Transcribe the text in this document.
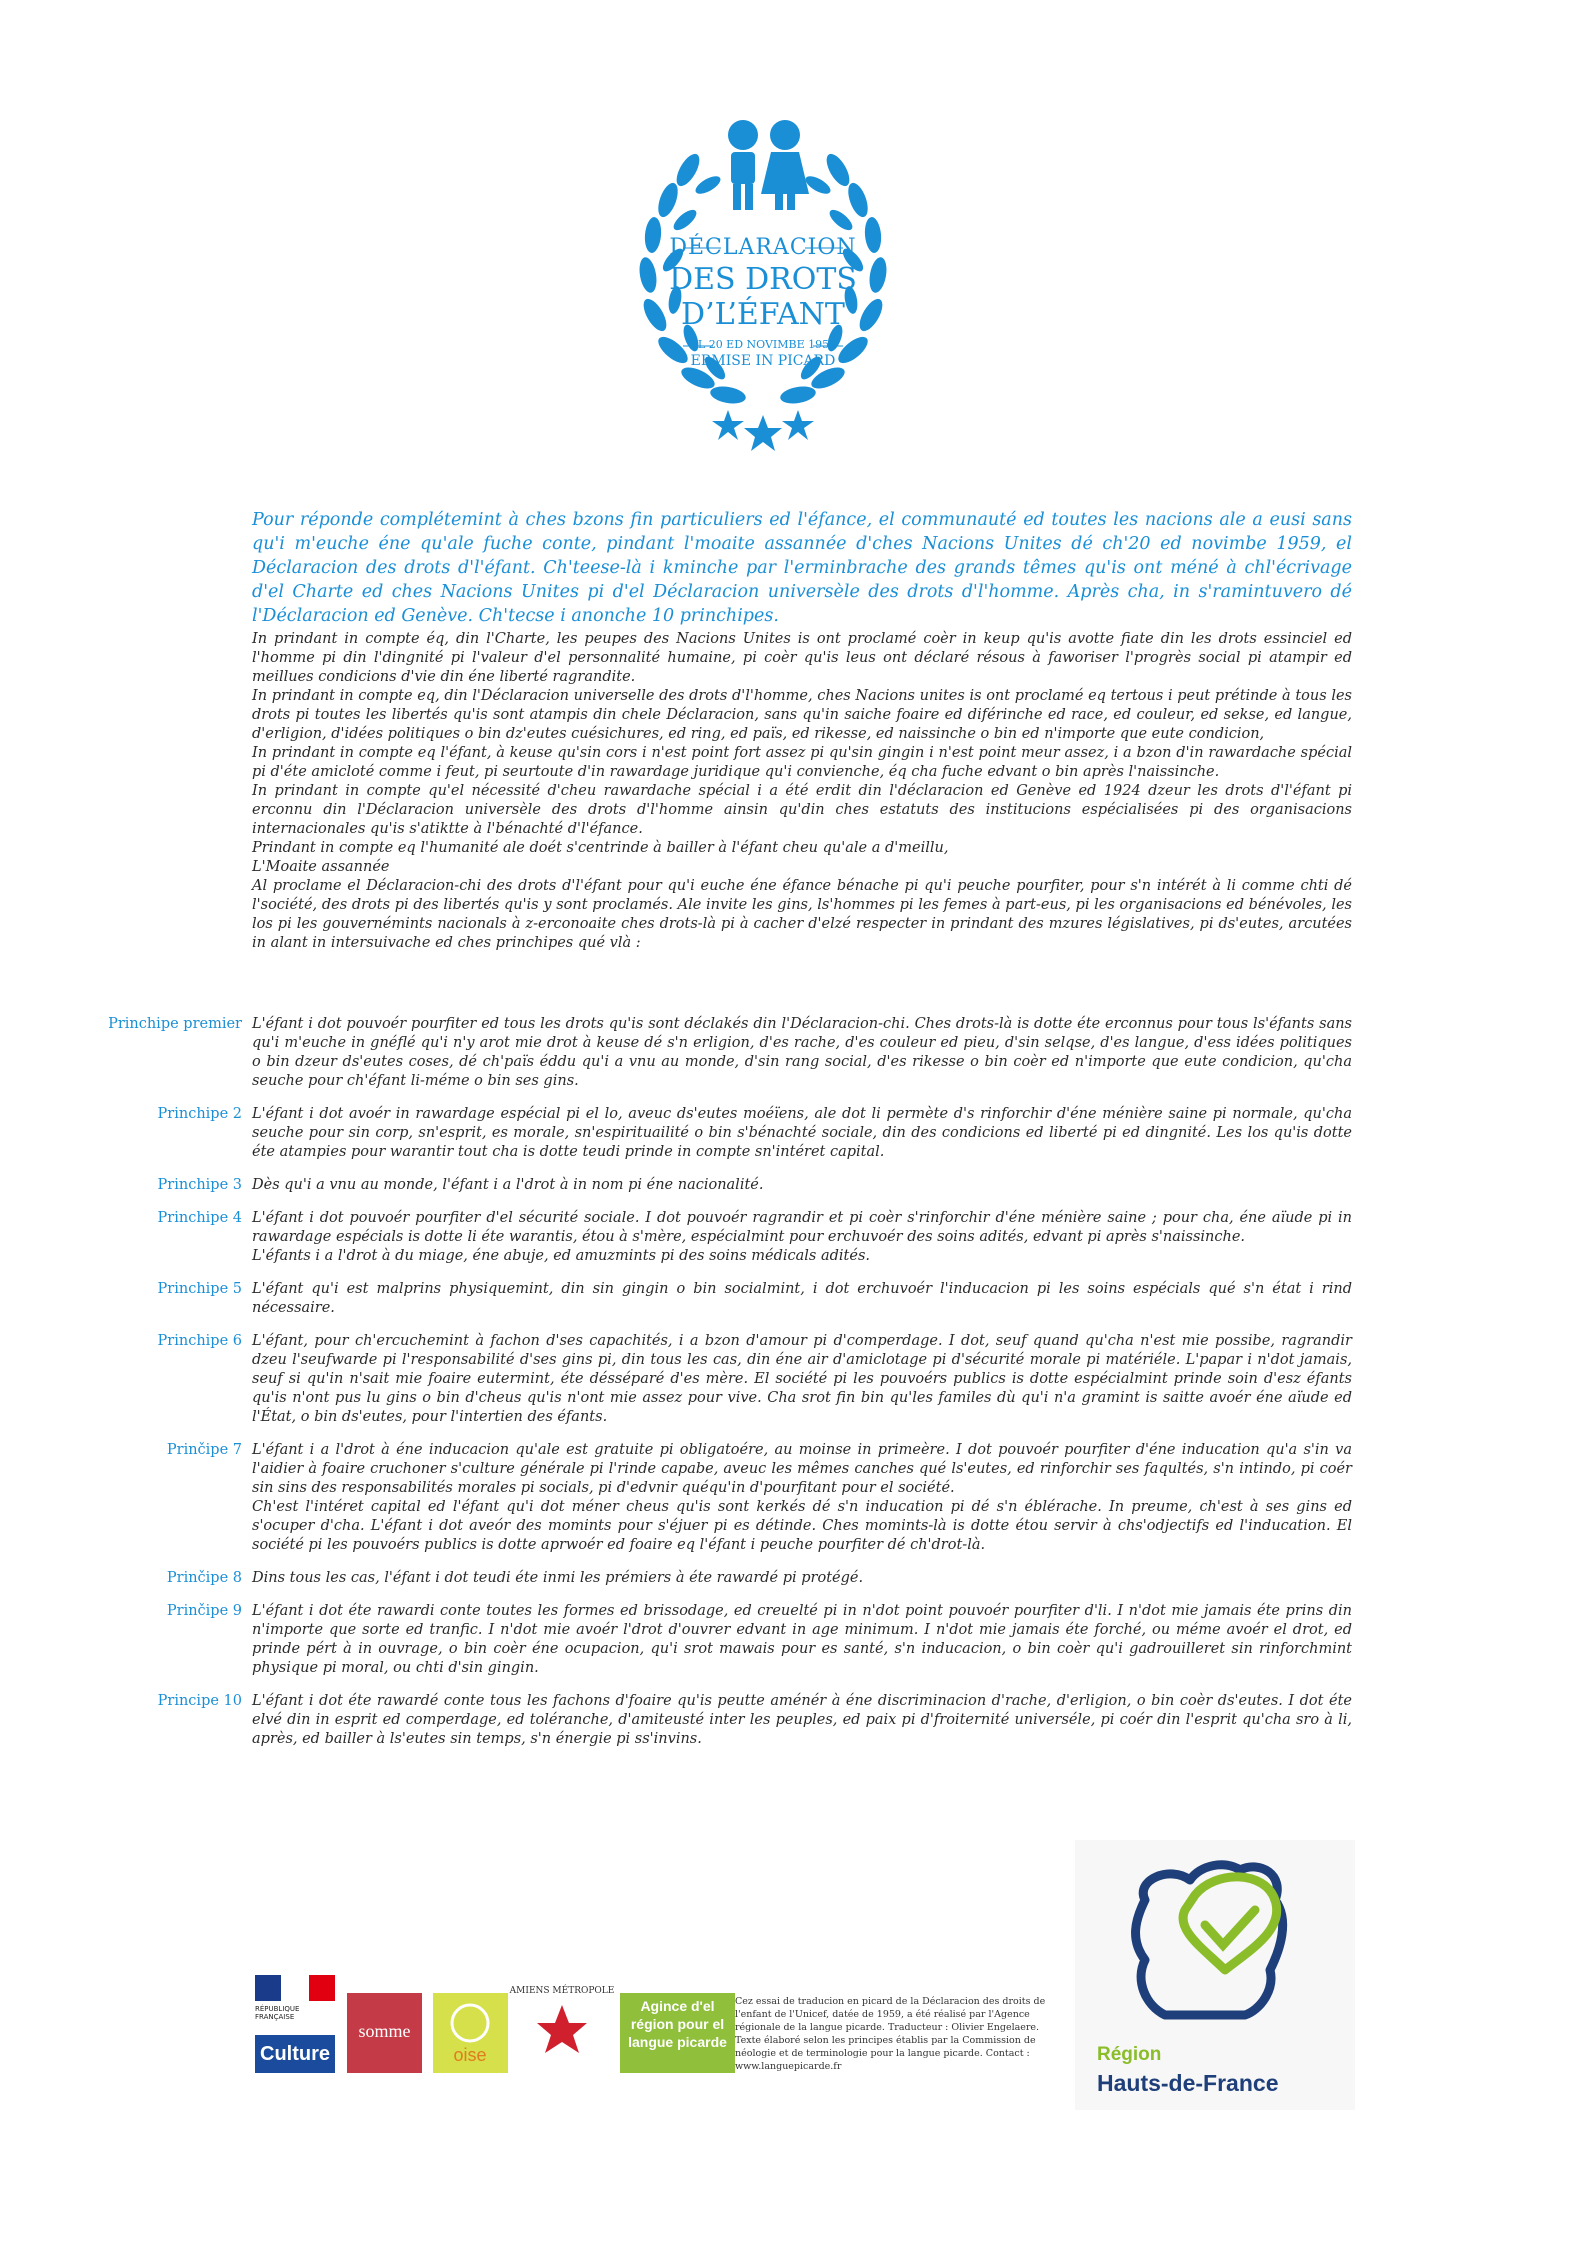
DÉCLARACION
DES DROTS
D’L’ÉFANT
EL 20 ED NOVIMBE 1959
ERMISE IN PICARD
Pour réponde complétemint à ches bzons fin particuliers ed l'éfance, el communauté ed toutes les nacions ale a eusi sans qu'i m'euche éne qu'ale fuche conte, pindant l'moaite assannée d'ches Nacions Unites dé ch'20 ed novimbe 1959, el Déclaracion des drots d'l'éfant. Ch'teese-là i kminche par l'erminbrache des grands têmes qu'is ont méné à chl'écrivage d'el Charte ed ches Nacions Unites pi d'el Déclaracion universèle des drots d'l'homme. Après cha, in s'ramintuvero dé l'Déclaracion ed Genève. Ch'tecse i anonche 10 princhipes.

In prindant in compte éq, din l'Charte, les peupes des Nacions Unites is ont proclamé coèr in keup qu'is avotte fiate din les drots essinciel ed l'homme pi din l'dingnité pi l'valeur d'el personnalité humaine, pi coèr qu'is leus ont déclaré résous à faworiser l'progrès social pi atampir ed meillues condicions d'vie din éne liberté ragrandite.

In prindant in compte eq, din l'Déclaracion universelle des drots d'l'homme, ches Nacions unites is ont proclamé eq tertous i peut prétinde à tous les drots pi toutes les libertés qu'is sont atampis din chele Déclaracion, sans qu'in saiche foaire ed diférinche ed race, ed couleur, ed sekse, ed langue, d'erligion, d'idées politiques o bin dz'eutes cuésichures, ed ring, ed païs, ed rikesse, ed naissinche o bin ed n'importe que eute condicion,

In prindant in compte eq l'éfant, à keuse qu'sin cors i n'est point fort assez pi qu'sin gingin i n'est point meur assez, i a bzon d'in rawardache spécial pi d'éte amicloté comme i feut, pi seurtoute d'in rawardage juridique qu'i convienche, éq cha fuche edvant o bin après l'naissinche.

In prindant in compte qu'el nécessité d'cheu rawardache spécial i a été erdit din l'déclaracion ed Genève ed 1924 dzeur les drots d'l'éfant pi erconnu din l'Déclaracion universèle des drots d'l'homme ainsin qu'din ches estatuts des institucions espécialisées pi des organisacions internacionales qu'is s'atiktte à l'bénachté d'l'éfance.

Prindant in compte eq l'humanité ale doét s'centrinde à bailler à l'éfant cheu qu'ale a d'meillu,

L'Moaite assannée

Al proclame el Déclaracion-chi des drots d'l'éfant pour qu'i euche éne éfance bénache pi qu'i peuche pourfiter, pour s'n intérét à li comme chti dé l'société, des drots pi des libertés qu'is y sont proclamés. Ale invite les gins, ls'hommes pi les femes à part-eus, pi les organisacions ed bénévoles, les los pi les gouvernémints nacionals à z-erconoaite ches drots-là pi à cacher d'elzé respecter in prindant des mzures législatives, pi ds'eutes, arcutées in alant in intersuivache ed ches princhipes qué vlà :

Princhipe premier L'éfant i dot pouvoér pourfiter ed tous les drots qu'is sont déclakés din l'Déclaracion-chi. Ches drots-là is dotte éte erconnus pour tous ls'éfants sans qu'i m'euche in gnéflé qu'i n'y arot mie drot à keuse dé s'n erligion, d'es rache, d'es couleur ed pieu, d'sin selqse, d'es langue, d'ess idées politiques o bin dzeur ds'eutes coses, dé ch'païs éddu qu'i a vnu au monde, d'sin rang social, d'es rikesse o bin coèr ed n'importe que eute condicion, qu'cha seuche pour ch'éfant li-méme o bin ses gins.

Princhipe 2 L'éfant i dot avoér in rawardage espécial pi el lo, aveuc ds'eutes moéïens, ale dot li permète d's rinforchir d'éne ménière saine pi normale, qu'cha seuche pour sin corp, sn'esprit, es morale, sn'espirituailité o bin s'bénachté sociale, din des condicions ed liberté pi ed dingnité. Les los qu'is dotte éte atampies pour warantir tout cha is dotte teudi prinde in compte sn'intéret capital.

Princhipe 3 Dès qu'i a vnu au monde, l'éfant i a l'drot à in nom pi éne nacionalité.

Princhipe 4 L'éfant i dot pouvoér pourfiter d'el sécurité sociale. I dot pouvoér ragrandir et pi coèr s'rinforchir d'éne ménière saine ; pour cha, éne aïude pi in rawardage espécials is dotte li éte warantis, étou à s'mère, espécialmint pour erchuvoér des soins adités, edvant pi après s'naissinche.

L'éfants i a l'drot à du miage, éne abuje, ed amuzmints pi des soins médicals adités.

Princhipe 5 L'éfant qu'i est malprins physiquemint, din sin gingin o bin socialmint, i dot erchuvoér l'inducacion pi les soins espécials qué s'n état i rind nécessaire.

Princhipe 6 L'éfant, pour ch'ercuchemint à fachon d'ses capachités, i a bzon d'amour pi d'comperdage. I dot, seuf quand qu'cha n'est mie possibe, ragrandir dzeu l'seufwarde pi l'responsabilité d'ses gins pi, din tous les cas, din éne air d'amiclotage pi d'sécurité morale pi matériéle. L'papar i n'dot jamais, seuf si qu'in n'sait mie foaire eutermint, éte désséparé d'es mère. El société pi les pouvoérs publics is dotte espécialmint prinde soin d'esz éfants qu'is n'ont pus lu gins o bin d'cheus qu'is n'ont mie assez pour vive. Cha srot fin bin qu'les familes dù qu'i n'a gramint is saitte avoér éne aïude ed l'État, o bin ds'eutes, pour l'intertien des éfants.

Prinčipe 7 L'éfant i a l'drot à éne inducacion qu'ale est gratuite pi obligatoére, au moinse in primeère. I dot pouvoér pourfiter d'éne inducation qu'a s'in va l'aidier à foaire cruchoner s'culture générale pi l'rinde capabe, aveuc les mêmes canches qué ls'eutes, ed rinforchir ses faqultés, s'n intindo, pi coér sin sins des responsabilités morales pi socials, pi d'edvnir quéqu'in d'pourfitant pour el société.

Ch'est l'intéret capital ed l'éfant qu'i dot méner cheus qu'is sont kerkés dé s'n inducation pi dé s'n éblérache. In preume, ch'est à ses gins ed s'ocuper d'cha. L'éfant i dot aveór des momints pour s'éjuer pi es détinde. Ches momints-là is dotte étou servir à chs'odjectifs ed l'inducation. El société pi les pouvoérs publics is dotte aprwoér ed foaire eq l'éfant i peuche pourfiter dé ch'drot-là.

Prinčipe 8 Dins tous les cas, l'éfant i dot teudi éte inmi les prémiers à éte rawardé pi protégé.

Prinčipe 9 L'éfant i dot éte rawardi conte toutes les formes ed brissodage, ed creuelté pi in n'dot point pouvoér pourfiter d'li. I n'dot mie jamais éte prins din n'importe que sorte ed tranfic. I n'dot mie avoér l'drot d'ouvrer edvant in age minimum. I n'dot mie jamais éte forché, ou méme avoér el drot, ed prinde pért à in ouvrage, o bin coèr éne ocupacion, qu'i srot mawais pour es santé, s'n inducacion, o bin coèr qu'i gadrouilleret sin rinforchmint physique pi moral, ou chti d'sin gingin.

Principe 10 L'éfant i dot éte rawardé conte tous les fachons d'foaire qu'is peutte aménér à éne discriminacion d'rache, d'erligion, o bin coèr ds'eutes. I dot éte elvé din in esprit ed comperdage, ed toléranche, d'amiteusté inter les peuples, ed paix pi d'froiternité universéle, pi coér din l'esprit qu'cha sro à li, après, ed bailler à ls'eutes sin temps, s'n énergie pi ss'invins.

RÉPUBLIQUE FRANÇAISE
Culture
somme
oise
AMIENS MÉTROPOLE
Agince d'el région pour el langue picarde
Cez essai de traducion en picard de la Déclaracion des droits de l'enfant de l'Unicef, datée de 1959, a été réalisé par l'Agence régionale de la langue picarde. Traducteur : Olivier Engelaere. Texte élaboré selon les principes établis par la Commission de néologie et de terminologie pour la langue picarde. Contact : www.languepicarde.fr
Région
Hauts-de-France
